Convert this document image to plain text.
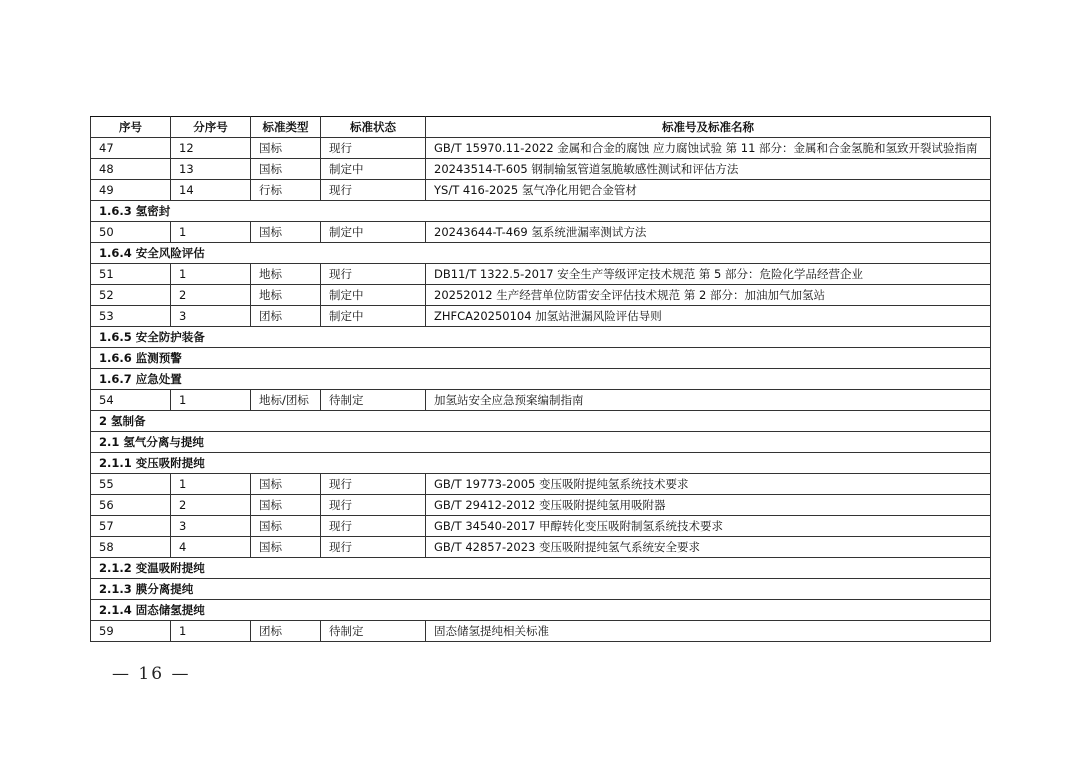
序号	分序号	标准类型	标准状态	标准号及标准名称
47	12	国标	现行	GB/T 15970.11-2022 金属和合金的腐蚀 应力腐蚀试验 第 11 部分：金属和合金氢脆和氢致开裂试验指南
48	13	国标	制定中	20243514-T-605 钢制输氢管道氢脆敏感性测试和评估方法
49	14	行标	现行	YS/T 416-2025 氢气净化用钯合金管材
1.6.3 氢密封				
50	1	国标	制定中	20243644-T-469 氢系统泄漏率测试方法
1.6.4 安全风险评估				
51	1	地标	现行	DB11/T 1322.5-2017 安全生产等级评定技术规范 第 5 部分：危险化学品经营企业
52	2	地标	制定中	20252012 生产经营单位防雷安全评估技术规范 第 2 部分：加油加气加氢站
53	3	团标	制定中	ZHFCA20250104 加氢站泄漏风险评估导则
1.6.5 安全防护装备				
1.6.6 监测预警				
1.6.7 应急处置				
54	1	地标/团标	待制定	加氢站安全应急预案编制指南
2 氢制备				
2.1 氢气分离与提纯				
2.1.1 变压吸附提纯				
55	1	国标	现行	GB/T 19773-2005 变压吸附提纯氢系统技术要求
56	2	国标	现行	GB/T 29412-2012 变压吸附提纯氢用吸附器
57	3	国标	现行	GB/T 34540-2017 甲醇转化变压吸附制氢系统技术要求
58	4	国标	现行	GB/T 42857-2023 变压吸附提纯氢气系统安全要求
2.1.2 变温吸附提纯				
2.1.3 膜分离提纯				
2.1.4 固态储氢提纯				
59	1	团标	待制定	固态储氢提纯相关标准
— 16 —
